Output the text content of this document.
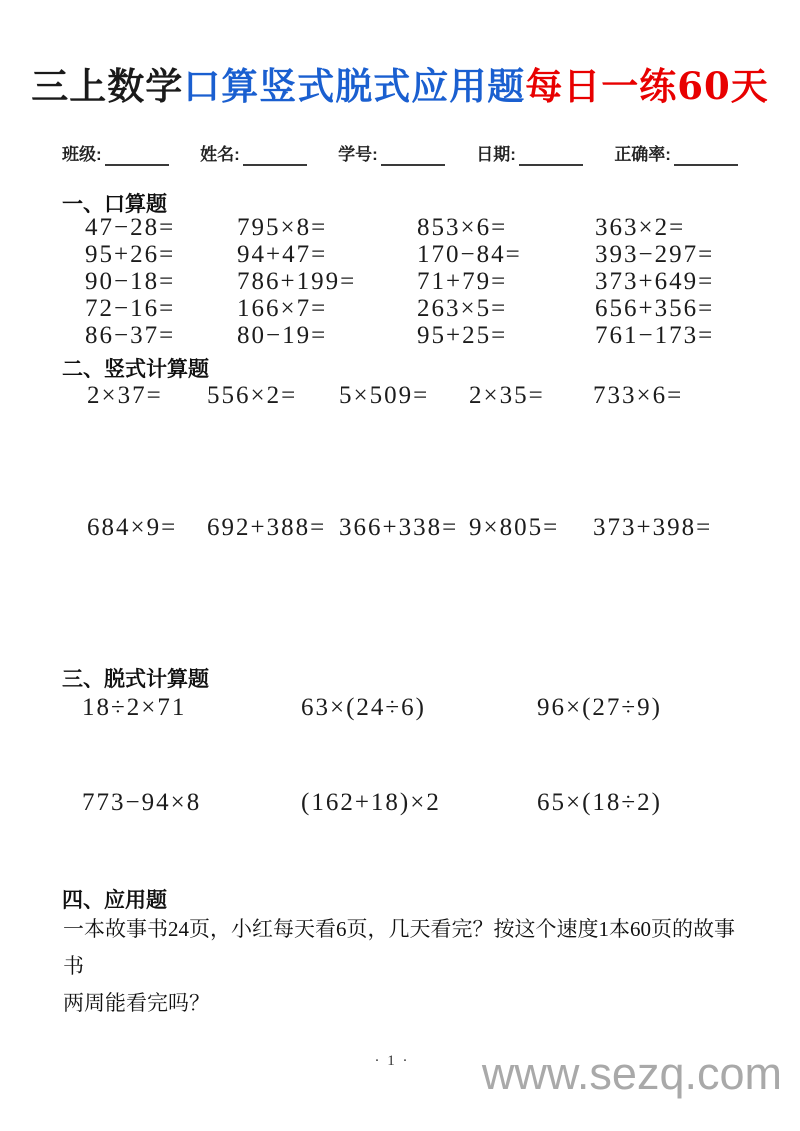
三上数学口算竖式脱式应用题每日一练60天
班级:	姓名:	学号:	日期:	正确率:
一、口算题
47−28=	795×8=	853×6=	363×2=
95+26=	94+47=	170−84=	393−297=
90−18=	786+199=	71+79=	373+649=
72−16=	166×7=	263×5=	656+356=
86−37=	80−19=	95+25=	761−173=
二、竖式计算题
2×37=	556×2=	5×509=	2×35=	733×6=
684×9=	692+388= 366+338= 9×805=	373+398=
三、脱式计算题
18÷2×71	63×(24÷6)	96×(27÷9)
773−94×8	(162+18)×2	65×(18÷2)
四、应用题
一本故事书24页，小红每天看6页，几天看完？按这个速度1本60页的故事书
两周能看完吗？
· 1 ·	www.sezq.com
